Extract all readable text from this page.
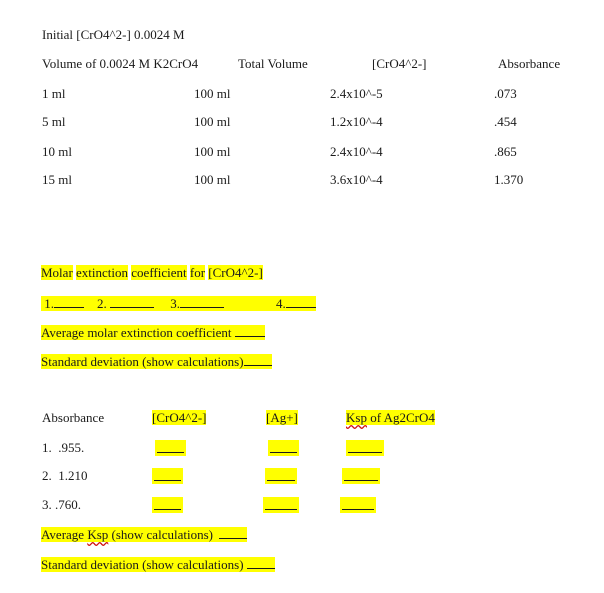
Initial [CrO4^2-] 0.0024 M
Volume of 0.0024 M K2CrO4	Total Volume	[CrO4^2-]	Absorbance
1 ml	100 ml	2.4x10^-5	.073
5 ml	100 ml	1.2x10^-4	.454
10 ml	100 ml	2.4x10^-4	.865
15 ml	100 ml	3.6x10^-4	1.370
Molar extinction coefficient for [CrO4^2-]
1.	2.	3.	4.
Average molar extinction coefficient
Standard deviation (show calculations)
Absorbance	[CrO4^2-]	[Ag+]	Ksp of Ag2CrO4
1.  .955.
2.  1.210
3. .760.
Average Ksp (show calculations)
Standard deviation (show calculations)
